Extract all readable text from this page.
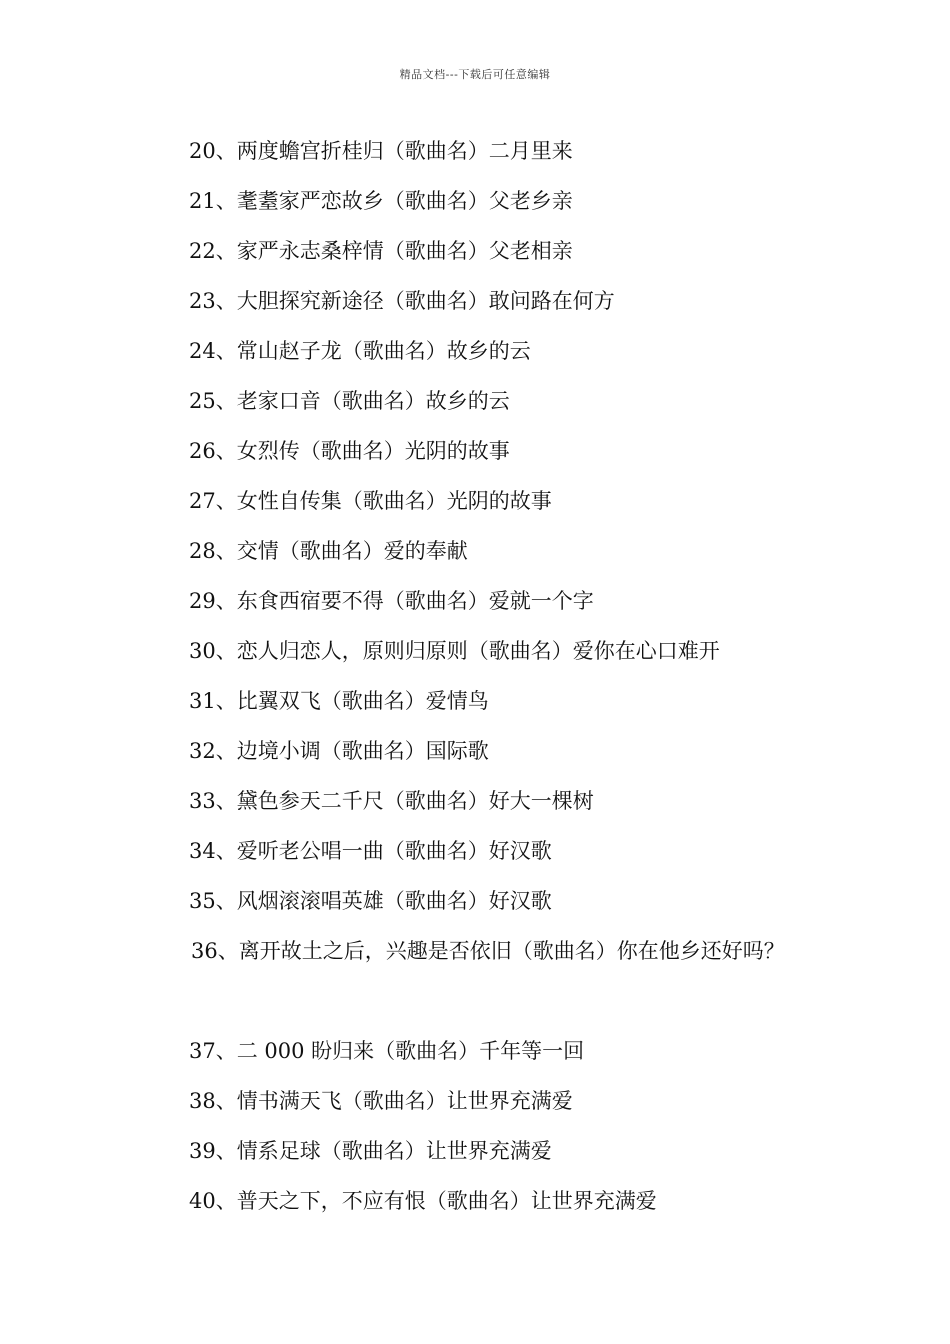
精品文档---下载后可任意编辑
20、两度蟾宫折桂归（歌曲名）二月里来
21、耄耋家严恋故乡（歌曲名）父老乡亲
22、家严永志桑梓情（歌曲名）父老相亲
23、大胆探究新途径（歌曲名）敢问路在何方
24、常山赵子龙（歌曲名）故乡的云
25、老家口音（歌曲名）故乡的云
26、女烈传（歌曲名）光阴的故事
27、女性自传集（歌曲名）光阴的故事
28、交情（歌曲名）爱的奉献
29、东食西宿要不得（歌曲名）爱就一个字
30、恋人归恋人，原则归原则（歌曲名）爱你在心口难开
31、比翼双飞（歌曲名）爱情鸟
32、边境小调（歌曲名）国际歌
33、黛色参天二千尺（歌曲名）好大一棵树
34、爱听老公唱一曲（歌曲名）好汉歌
35、风烟滚滚唱英雄（歌曲名）好汉歌
36、离开故土之后，兴趣是否依旧（歌曲名）你在他乡还好吗？
37、二 000 盼归来（歌曲名）千年等一回
38、情书满天飞（歌曲名）让世界充满爱
39、情系足球（歌曲名）让世界充满爱
40、普天之下，不应有恨（歌曲名）让世界充满爱
